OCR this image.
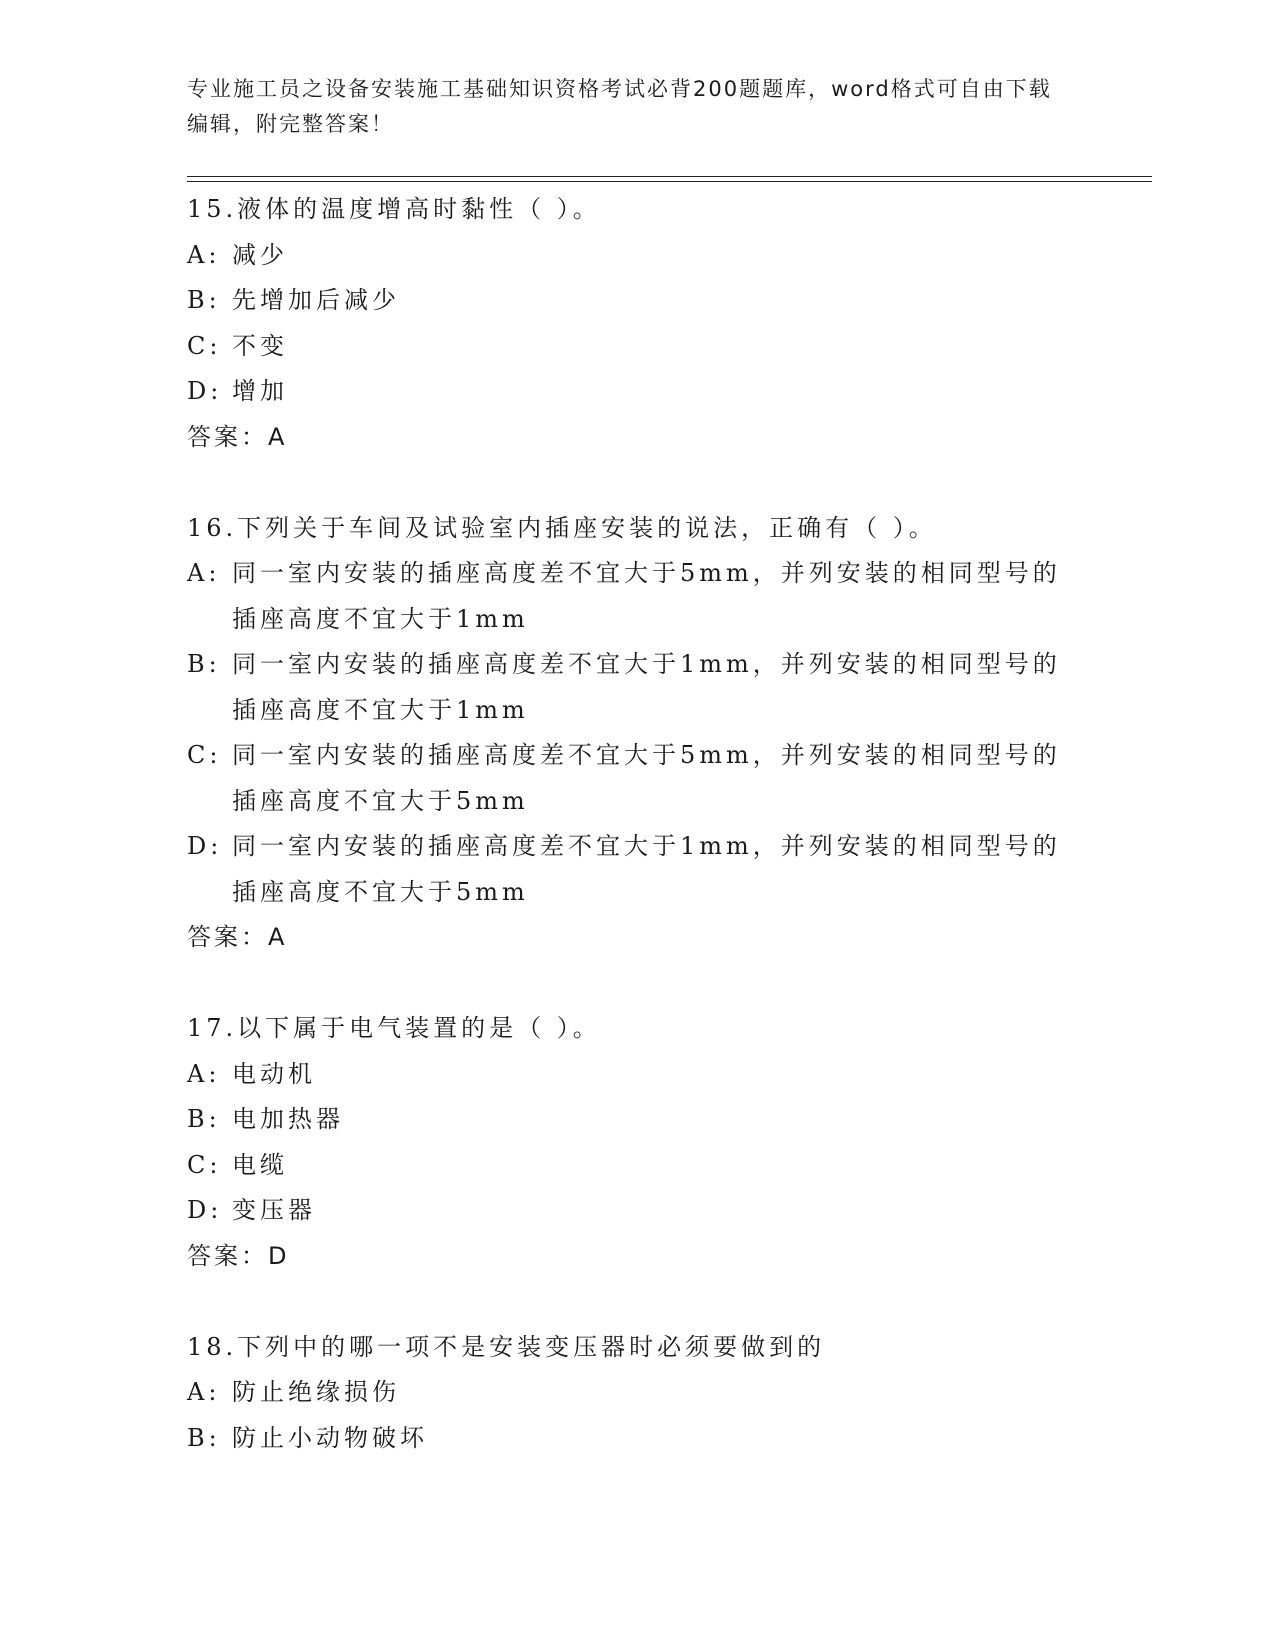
专业施工员之设备安装施工基础知识资格考试必背200题题库，word格式可自由下载编辑，附完整答案！
15.液体的温度增高时黏性（ ）。
A: 减少
B: 先增加后减少
C: 不变
D: 增加
答案：A
16.下列关于车间及试验室内插座安装的说法，正确有（ ）。
A: 同一室内安装的插座高度差不宜大于5mm，并列安装的相同型号的插座高度不宜大于1mm
B: 同一室内安装的插座高度差不宜大于1mm，并列安装的相同型号的插座高度不宜大于1mm
C: 同一室内安装的插座高度差不宜大于5mm，并列安装的相同型号的插座高度不宜大于5mm
D: 同一室内安装的插座高度差不宜大于1mm，并列安装的相同型号的插座高度不宜大于5mm
答案：A
17.以下属于电气装置的是（ ）。
A: 电动机
B: 电加热器
C: 电缆
D: 变压器
答案：D
18.下列中的哪一项不是安装变压器时必须要做到的
A: 防止绝缘损伤
B: 防止小动物破坏
